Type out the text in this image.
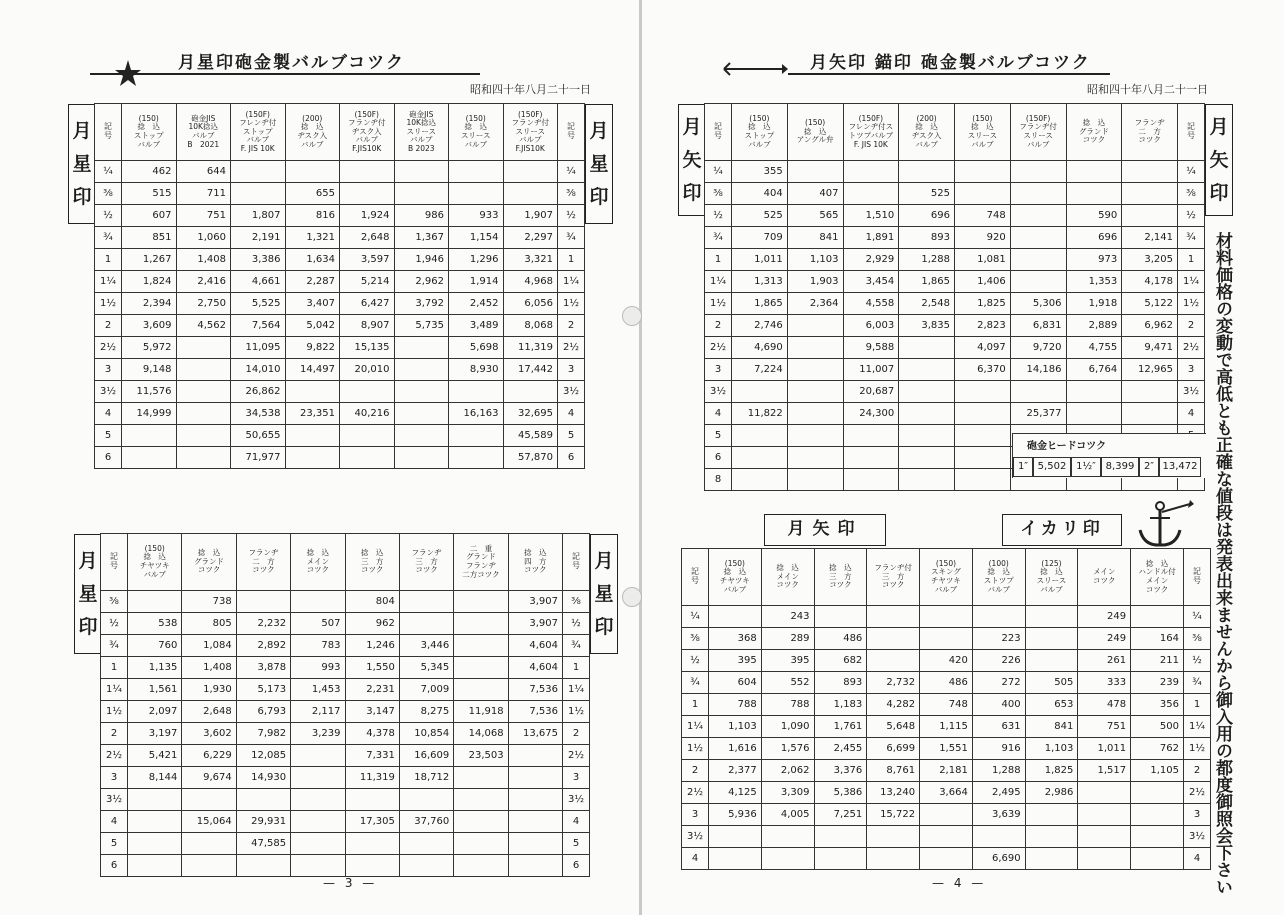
月星印砲金製バルブコツク
昭和四十年八月二十一日
月
星
印
月
星
印
記
号	(150)
捻　込
ストップ
バルブ	砲金JIS
10K捻込
バルブ
B　2021	(150F)
フレンヂ付
ストップ
バルブ
F. JIS 10K	(200)
捻　込
ヂスク入
バルブ	(150F)
フランヂ付
ヂスク入
バルブ
F.JIS10K	砲金JIS
10K捻込
スリース
バルブ
B 2023	(150)
捻　込
スリース
バルブ	(150F)
フランヂ付
スリース
バルブ
F.JIS10K	記
号
¼	462	644							¼
⅜	515	711		655					⅜
½	607	751	1,807	816	1,924	986	933	1,907	½
¾	851	1,060	2,191	1,321	2,648	1,367	1,154	2,297	¾
1	1,267	1,408	3,386	1,634	3,597	1,946	1,296	3,321	1
1¼	1,824	2,416	4,661	2,287	5,214	2,962	1,914	4,968	1¼
1½	2,394	2,750	5,525	3,407	6,427	3,792	2,452	6,056	1½
2	3,609	4,562	7,564	5,042	8,907	5,735	3,489	8,068	2
2½	5,972		11,095	9,822	15,135		5,698	11,319	2½
3	9,148		14,010	14,497	20,010		8,930	17,442	3
3½	11,576		26,862						3½
4	14,999		34,538	23,351	40,216		16,163	32,695	4
5			50,655					45,589	5
6			71,977					57,870	6
月
星
印
月
星
印
記
号	(150)
捻　込
チヤツキ
バルブ	捻　込
グランド
コツク	フランヂ
二　方
コツク	捻　込
メイン
コツク	捻　込
三　方
コツク	フランヂ
三　方
コツク	二　重
グランド
フランヂ
二方コツク	捻　込
四　方
コツク	記
号
⅜		738			804			3,907	⅜
½	538	805	2,232	507	962			3,907	½
¾	760	1,084	2,892	783	1,246	3,446		4,604	¾
1	1,135	1,408	3,878	993	1,550	5,345		4,604	1
1¼	1,561	1,930	5,173	1,453	2,231	7,009		7,536	1¼
1½	2,097	2,648	6,793	2,117	3,147	8,275	11,918	7,536	1½
2	3,197	3,602	7,982	3,239	4,378	10,854	14,068	13,675	2
2½	5,421	6,229	12,085		7,331	16,609	23,503		2½
3	8,144	9,674	14,930		11,319	18,712			3
3½									3½
4		15,064	29,931		17,305	37,760			4
5			47,585						5
6									6
— 3 —
月矢印 錨印 砲金製バルブコツク
昭和四十年八月二十一日
月
矢
印
月
矢
印
記
号	(150)
捻　込
ストップ
バルブ	(150)
捻　込
アングル弁	(150F)
フレンヂ付ス
トツプバルブ
F. JIS 10K	(200)
捻　込
ヂスク入
バルブ	(150)
捻　込
スリース
バルブ	(150F)
フランヂ付
スリース
バルブ	捻　込
グランド
コツク	フランヂ
二　方
コツク	記
号
¼	355								¼
⅜	404	407		525					⅜
½	525	565	1,510	696	748		590		½
¾	709	841	1,891	893	920		696	2,141	¾
1	1,011	1,103	2,929	1,288	1,081		973	3,205	1
1¼	1,313	1,903	3,454	1,865	1,406		1,353	4,178	1¼
1½	1,865	2,364	4,558	2,548	1,825	5,306	1,918	5,122	1½
2	2,746		6,003	3,835	2,823	6,831	2,889	6,962	2
2½	4,690		9,588		4,097	9,720	4,755	9,471	2½
3	7,224		11,007		6,370	14,186	6,764	12,965	3
3½			20,687						3½
4	11,822		24,300			25,377			4
5									
6									
8									
砲金ヒードコツク
1″ 5,502 1½″ 8,399 2″ 13,472 材料価格の変動で高低とも正確な値段は発表出来ませんから御入用の都度御照会下さい
月矢印	イカリ印
記
号	(150)
捻　込
チヤツキ
バルブ	捻　込
メイン
コツク	捻　込
三　方
コツク	フランヂ付
三　方
コツク	(150)
スキング
チヤツキ
バルブ	(100)
捻　込
ストツプ
バルブ	(125)
捻　込
スリース
バルブ	メイン
コツク	捻　込
ハンドル付
メイン
コツク	記
号
¼		243						249		¼
⅜	368	289	486			223		249	164	⅜
½	395	395	682		420	226		261	211	½
¾	604	552	893	2,732	486	272	505	333	239	¾
1	788	788	1,183	4,282	748	400	653	478	356	1
1¼	1,103	1,090	1,761	5,648	1,115	631	841	751	500	1¼
1½	1,616	1,576	2,455	6,699	1,551	916	1,103	1,011	762	1½
2	2,377	2,062	3,376	8,761	2,181	1,288	1,825	1,517	1,105	2
2½	4,125	3,309	5,386	13,240	3,664	2,495	2,986			2½
3	5,936	4,005	7,251	15,722		3,639				3
3½										3½
4						6,690				4
— 4 —
